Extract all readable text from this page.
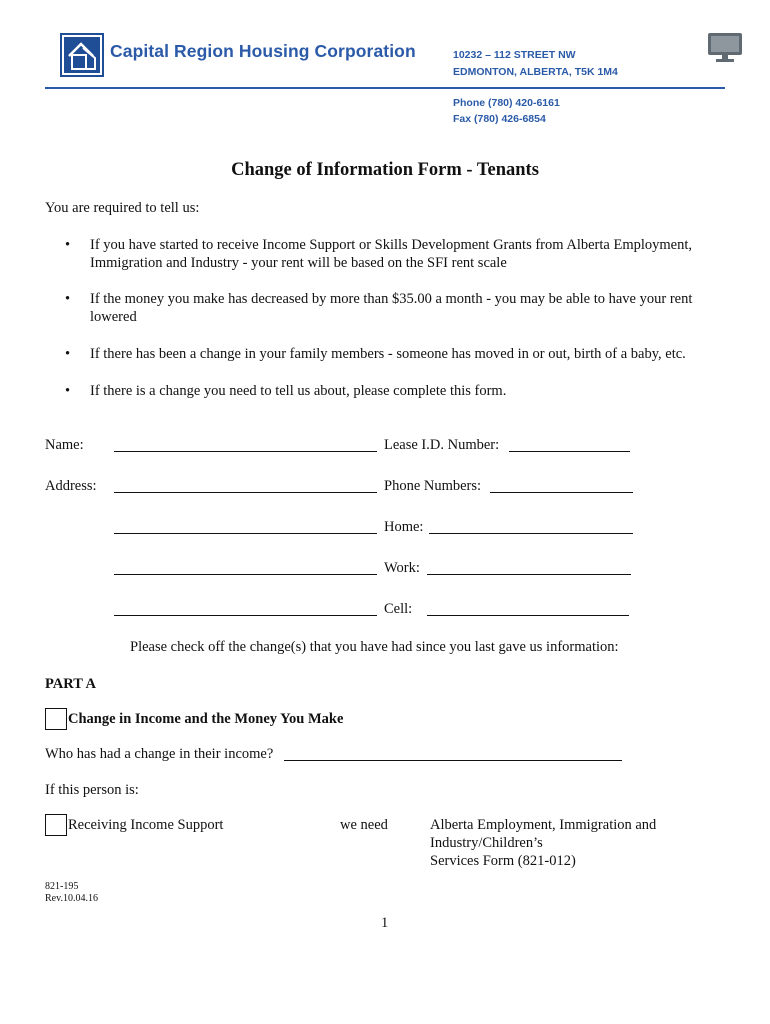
Capital Region Housing Corporation	10232 – 112 STREET NW
EDMONTON, ALBERTA, T5K 1M4
Phone (780) 420-6161
Fax (780) 426-6854
Change of Information Form - Tenants
You are required to tell us:
• If you have started to receive Income Support or Skills Development Grants from Alberta Employment,
Immigration and Industry - your rent will be based on the SFI rent scale
• If the money you make has decreased by more than $35.00 a month - you may be able to have your rent
lowered
• If there has been a change in your family members - someone has moved in or out, birth of a baby, etc.
• If there is a change you need to tell us about, please complete this form.
Name:	Lease I.D. Number:
Address:	Phone Numbers:
Home:
Work:
Cell:
Please check off the change(s) that you have had since you last gave us information:
PART A
Change in Income and the Money You Make
Who has had a change in their income?
If this person is:
Receiving Income Support	we need	Alberta Employment, Immigration and
Industry/Children’s
Services Form (821-012)
821-195
Rev.10.04.16
1
